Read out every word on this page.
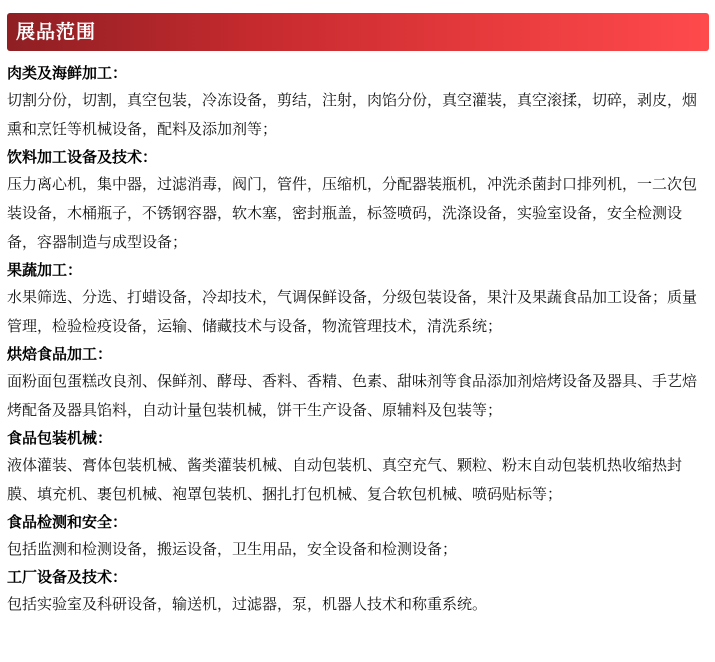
展品范围
肉类及海鲜加工：
切割分份，切割，真空包装，冷冻设备，剪结，注射，肉馅分份，真空灌装，真空滚揉，切碎，剥皮，烟熏和烹饪等机械设备，配料及添加剂等；
饮料加工设备及技术：
压力离心机，集中器，过滤消毒，阀门，管件，压缩机，分配器装瓶机，冲洗杀菌封口排列机，一二次包装设备，木桶瓶子，不锈钢容器，软木塞，密封瓶盖，标签喷码，洗涤设备，实验室设备，安全检测设备，容器制造与成型设备；
果蔬加工：
水果筛选、分选、打蜡设备，冷却技术，气调保鲜设备，分级包装设备，果汁及果蔬食品加工设备；质量管理，检验检疫设备，运输、储藏技术与设备，物流管理技术，清洗系统；
烘焙食品加工：
面粉面包蛋糕改良剂、保鲜剂、酵母、香料、香精、色素、甜味剂等食品添加剂焙烤设备及器具、手艺焙烤配备及器具馅料，自动计量包装机械，饼干生产设备、原辅料及包装等；
食品包装机械：
液体灌装、膏体包装机械、酱类灌装机械、自动包装机、真空充气、颗粒、粉末自动包装机热收缩热封膜、填充机、裹包机械、袍罩包装机、捆扎打包机械、复合软包机械、喷码贴标等；
食品检测和安全：
包括监测和检测设备，搬运设备，卫生用品，安全设备和检测设备；
工厂设备及技术：
包括实验室及科研设备，输送机，过滤器，泵，机器人技术和称重系统。
